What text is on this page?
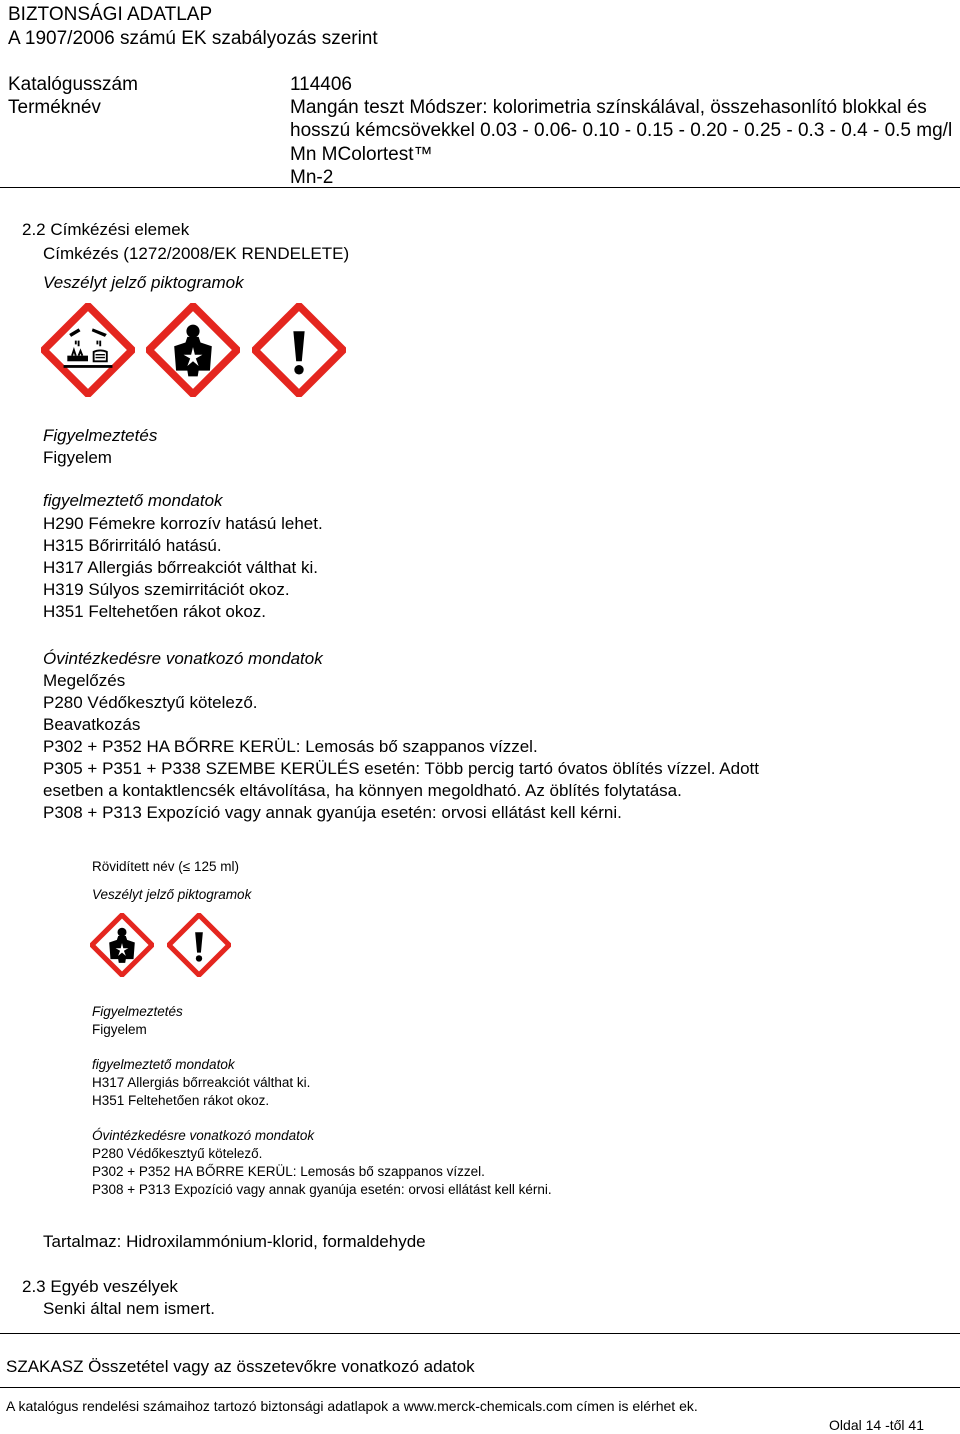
BIZTONSÁGI ADATLAP
A 1907/2006 számú EK szabályozás szerint
Katalógusszám	114406
Terméknév	Mangán teszt Módszer: kolorimetria színskálával, összehasonlító blokkal és
hosszú kémcsövekkel 0.03 - 0.06- 0.10 - 0.15 - 0.20 - 0.25 - 0.3 - 0.4 - 0.5 mg/l
Mn MColortest™
Mn-2
2.2 Címkézési elemek
Címkézés (1272/2008/EK RENDELETE)
Veszélyt jelző piktogramok
Figyelmeztetés
Figyelem
figyelmeztető mondatok
H290 Fémekre korrozív hatású lehet.
H315 Bőrirritáló hatású.
H317 Allergiás bőrreakciót válthat ki.
H319 Súlyos szemirritációt okoz.
H351 Feltehetően rákot okoz.
Óvintézkedésre vonatkozó mondatok
Megelőzés
P280 Védőkesztyű kötelező.
Beavatkozás
P302 + P352 HA BŐRRE KERÜL: Lemosás bő szappanos vízzel.
P305 + P351 + P338 SZEMBE KERÜLÉS esetén: Több percig tartó óvatos öblítés vízzel. Adott
esetben a kontaktlencsék eltávolítása, ha könnyen megoldható. Az öblítés folytatása.
P308 + P313 Expozíció vagy annak gyanúja esetén: orvosi ellátást kell kérni.
Rövidített név (≤ 125 ml)
Veszélyt jelző piktogramok
Figyelmeztetés
Figyelem
figyelmeztető mondatok
H317 Allergiás bőrreakciót válthat ki.
H351 Feltehetően rákot okoz.
Óvintézkedésre vonatkozó mondatok
P280 Védőkesztyű kötelező.
P302 + P352 HA BŐRRE KERÜL: Lemosás bő szappanos vízzel.
P308 + P313 Expozíció vagy annak gyanúja esetén: orvosi ellátást kell kérni.
Tartalmaz: Hidroxilammónium-klorid, formaldehyde
2.3 Egyéb veszélyek
Senki által nem ismert.
SZAKASZ Összetétel vagy az összetevőkre vonatkozó adatok
A katalógus rendelési számaihoz tartozó biztonsági adatlapok a www.merck-chemicals.com címen is elérhet ek.
Oldal 14 -től 41
